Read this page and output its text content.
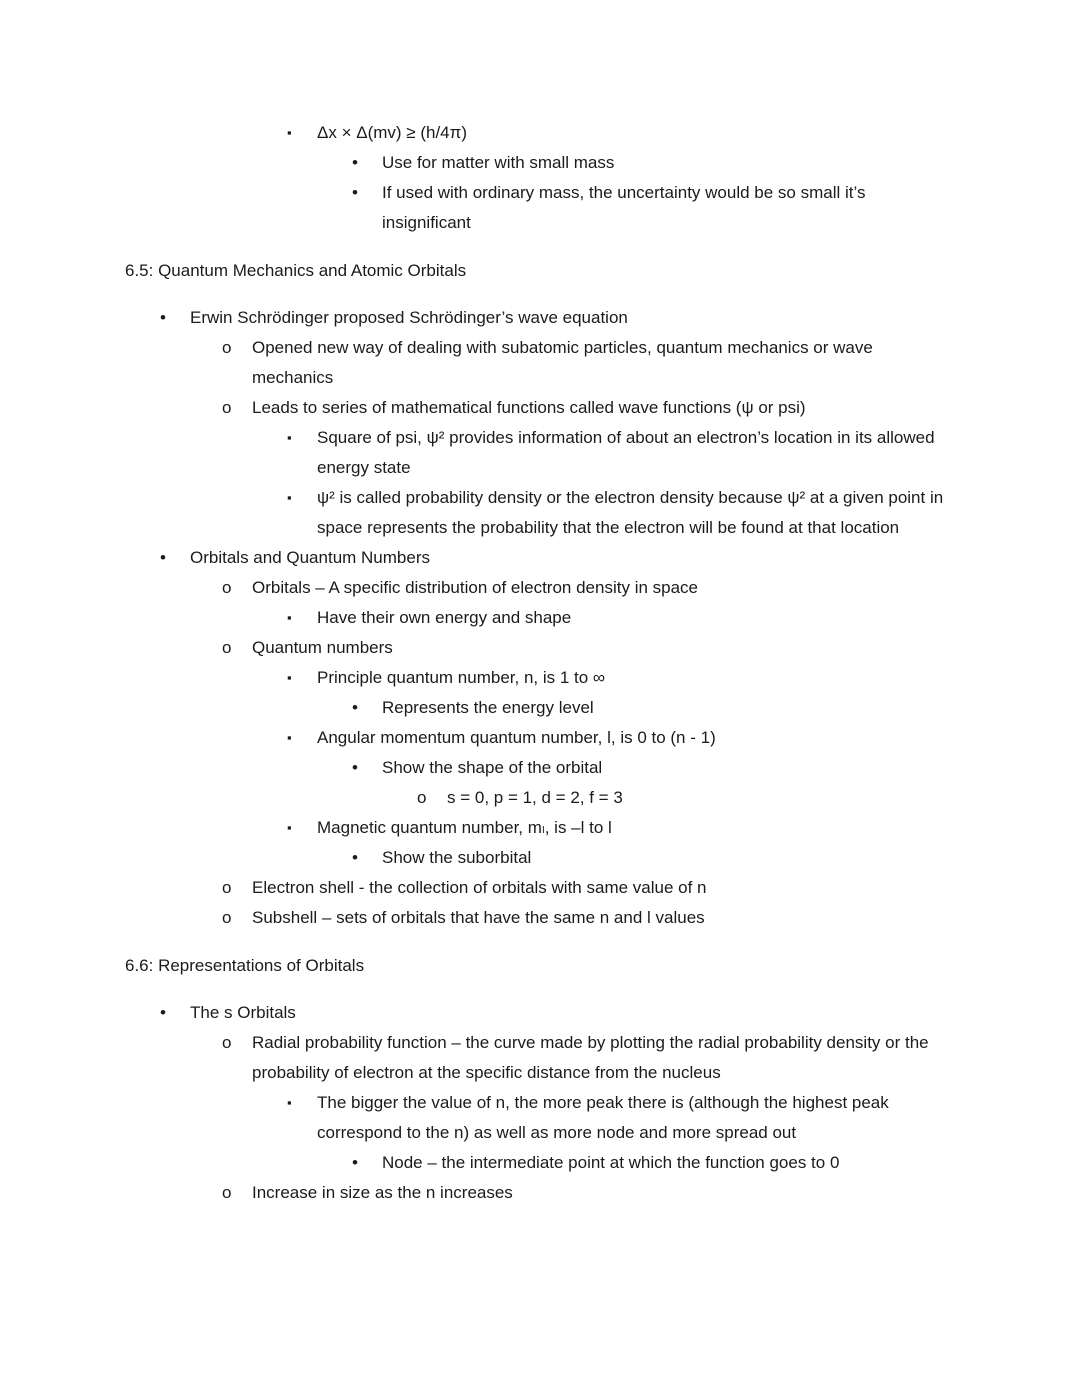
▪	Δx × Δ(mv) ≥ (h/4π)
•	Use for matter with small mass
•	If used with ordinary mass, the uncertainty would be so small it’s insignificant
6.5: Quantum Mechanics and Atomic Orbitals
•	Erwin Schrödinger proposed Schrödinger’s wave equation
o	Opened new way of dealing with subatomic particles, quantum mechanics or wave mechanics
o	Leads to series of mathematical functions called wave functions (ψ or psi)
▪	Square of psi, ψ² provides information of about an electron’s location in its allowed energy state
▪	ψ² is called probability density or the electron density because ψ² at a given point in space represents the probability that the electron will be found at that location
•	Orbitals and Quantum Numbers
o	Orbitals – A specific distribution of electron density in space
▪	Have their own energy and shape
o	Quantum numbers
▪	Principle quantum number, n, is 1 to ∞
•	Represents the energy level
▪	Angular momentum quantum number, l, is 0 to (n - 1)
•	Show the shape of the orbital
o	s = 0, p = 1, d = 2, f = 3
▪	Magnetic quantum number, mₗ, is –l to l
•	Show the suborbital
o	Electron shell - the collection of orbitals with same value of n
o	Subshell – sets of orbitals that have the same n and l values
6.6: Representations of Orbitals
•	The s Orbitals
o	Radial probability function – the curve made by plotting the radial probability density or the probability of electron at the specific distance from the nucleus
▪	The bigger the value of n, the more peak there is (although the highest peak correspond to the n) as well as more node and more spread out
•	Node – the intermediate point at which the function goes to 0
o	Increase in size as the n increases
